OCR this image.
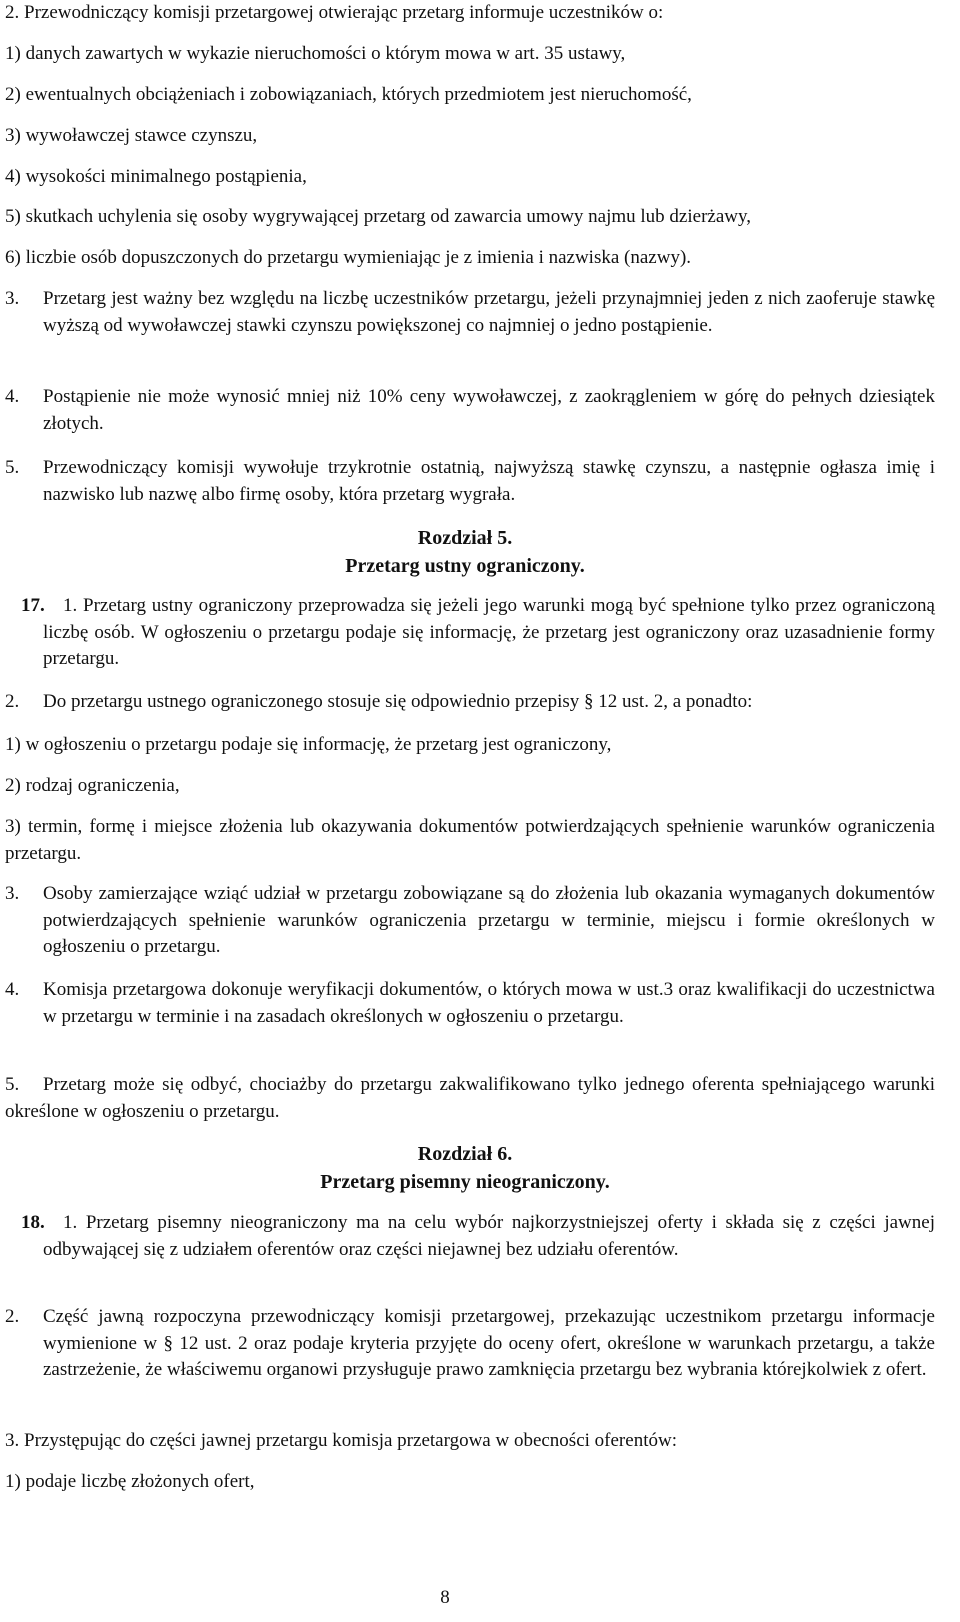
2. Przewodniczący komisji przetargowej otwierając przetarg informuje uczestników o:
1) danych zawartych w wykazie nieruchomości o którym mowa w art. 35 ustawy,
2) ewentualnych obciążeniach i zobowiązaniach, których przedmiotem jest nieruchomość,
3) wywoławczej stawce czynszu,
4) wysokości minimalnego postąpienia,
5) skutkach uchylenia się osoby wygrywającej przetarg od zawarcia umowy najmu lub dzierżawy,
6) liczbie osób dopuszczonych do przetargu wymieniając je z imienia i nazwiska (nazwy).
3. Przetarg jest ważny bez względu na liczbę uczestników przetargu, jeżeli przynajmniej jeden z nich zaoferuje stawkę wyższą od wywoławczej stawki czynszu powiększonej co najmniej o jedno postąpienie.
4. Postąpienie nie może wynosić mniej niż 10% ceny wywoławczej, z zaokrągleniem w górę do pełnych dziesiątek złotych.
5. Przewodniczący komisji wywołuje trzykrotnie ostatnią, najwyższą stawkę czynszu, a następnie ogłasza imię i nazwisko lub nazwę albo firmę osoby, która przetarg wygrała.
Rozdział 5.
Przetarg ustny ograniczony.
17. 1. Przetarg ustny ograniczony przeprowadza się jeżeli jego warunki mogą być spełnione tylko przez ograniczoną liczbę osób. W ogłoszeniu o przetargu podaje się informację, że przetarg jest ograniczony oraz uzasadnienie formy przetargu.
2. Do przetargu ustnego ograniczonego stosuje się odpowiednio przepisy § 12 ust. 2, a ponadto:
1) w ogłoszeniu o przetargu podaje się informację, że przetarg jest ograniczony,
2) rodzaj ograniczenia,
3) termin, formę i miejsce złożenia lub okazywania dokumentów potwierdzających spełnienie warunków ograniczenia przetargu.
3. Osoby zamierzające wziąć udział w przetargu zobowiązane są do złożenia lub okazania wymaganych dokumentów potwierdzających spełnienie warunków ograniczenia przetargu w terminie, miejscu i formie określonych w ogłoszeniu o przetargu.
4. Komisja przetargowa dokonuje weryfikacji dokumentów, o których mowa w ust.3 oraz kwalifikacji do uczestnictwa w przetargu w terminie i na zasadach określonych w ogłoszeniu o przetargu.
5.	Przetarg może się odbyć, chociażby do przetargu zakwalifikowano tylko jednego oferenta spełniającego warunki określone w ogłoszeniu o przetargu.
Rozdział 6.
Przetarg pisemny nieograniczony.
18. 1. Przetarg pisemny nieograniczony ma na celu wybór najkorzystniejszej oferty i składa się z części jawnej odbywającej się z udziałem oferentów oraz części niejawnej bez udziału oferentów.
2. Część jawną rozpoczyna przewodniczący komisji przetargowej, przekazując uczestnikom przetargu informacje wymienione w § 12 ust. 2 oraz podaje kryteria przyjęte do oceny ofert, określone w warunkach przetargu, a także zastrzeżenie, że właściwemu organowi przysługuje prawo zamknięcia przetargu bez wybrania którejkolwiek z ofert.
3. Przystępując do części jawnej przetargu komisja przetargowa w obecności oferentów:
1) podaje liczbę złożonych ofert,
8
